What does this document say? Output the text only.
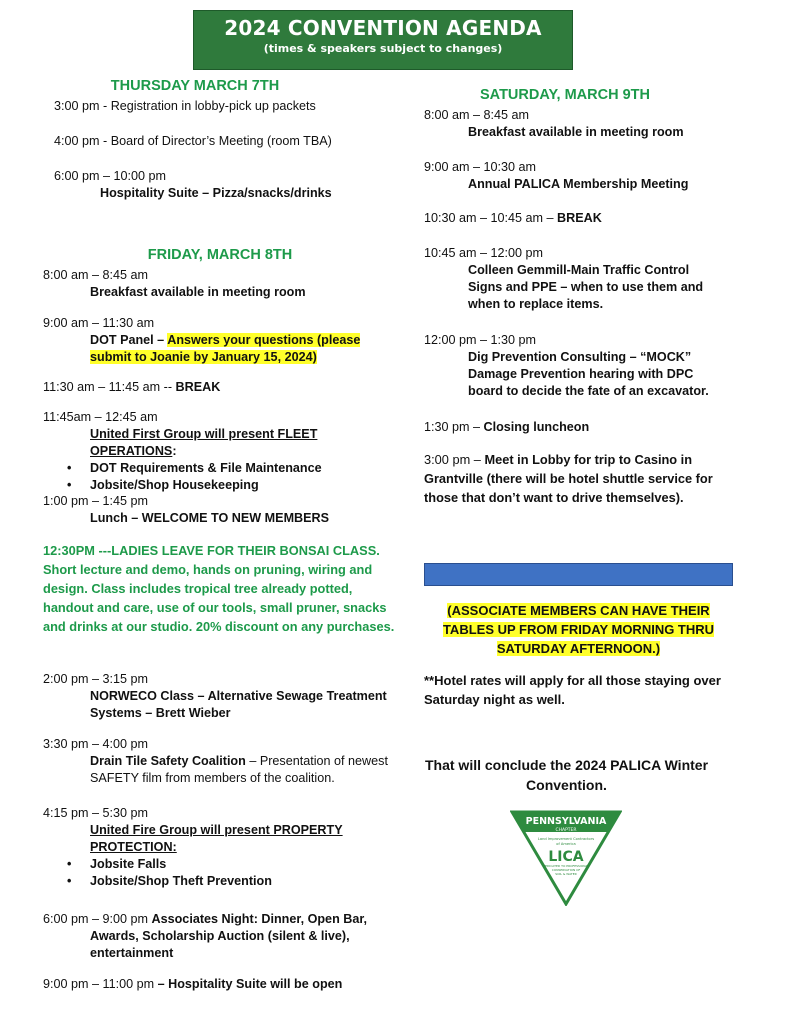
2024 CONVENTION AGENDA
(times & speakers subject to changes)
THURSDAY MARCH 7TH
3:00 pm - Registration in lobby-pick up packets
4:00 pm - Board of Director’s Meeting (room TBA)
6:00 pm – 10:00 pm
Hospitality Suite – Pizza/snacks/drinks
FRIDAY, MARCH 8TH
8:00 am – 8:45 am
Breakfast available in meeting room
9:00 am – 11:30 am
DOT Panel – Answers your questions (please submit to Joanie by January 15, 2024)
11:30 am – 11:45 am -- BREAK
11:45am – 12:45 am
United First Group will present FLEET OPERATIONS:
• DOT Requirements & File Maintenance
• Jobsite/Shop Housekeeping
1:00 pm – 1:45 pm
Lunch – WELCOME TO NEW MEMBERS
12:30PM ---LADIES LEAVE FOR THEIR BONSAI CLASS. Short lecture and demo, hands on pruning, wiring and design. Class includes tropical tree already potted, handout and care, use of our tools, small pruner, snacks and drinks at our studio. 20% discount on any purchases.
2:00 pm – 3:15 pm
NORWECO Class – Alternative Sewage Treatment Systems – Brett Wieber
3:30 pm – 4:00 pm
Drain Tile Safety Coalition – Presentation of newest SAFETY film from members of the coalition.
4:15 pm – 5:30 pm
United Fire Group will present PROPERTY PROTECTION:
• Jobsite Falls
• Jobsite/Shop Theft Prevention
6:00 pm – 9:00 pm Associates Night: Dinner, Open Bar, Awards, Scholarship Auction (silent & live), entertainment
9:00 pm – 11:00 pm – Hospitality Suite will be open
SATURDAY, MARCH 9TH
8:00 am – 8:45 am
Breakfast available in meeting room
9:00 am – 10:30 am
Annual PALICA Membership Meeting
10:30 am – 10:45 am – BREAK
10:45 am – 12:00 pm
Colleen Gemmill-Main Traffic Control Signs and PPE – when to use them and when to replace items.
12:00 pm – 1:30 pm
Dig Prevention Consulting – “MOCK” Damage Prevention hearing with DPC board to decide the fate of an excavator.
1:30 pm – Closing luncheon
3:00 pm – Meet in Lobby for trip to Casino in Grantville (there will be hotel shuttle service for those that don’t want to drive themselves).
(ASSOCIATE MEMBERS CAN HAVE THEIR TABLES UP FROM FRIDAY MORNING THRU SATURDAY AFTERNOON.)
**Hotel rates will apply for all those staying over Saturday night as well.
That will conclude the 2024 PALICA Winter Convention.
PENNSYLVANIA
CHAPTER
Land Improvement Contractors
of America
LICA
DEDICATED TO PROFESSIONAL
CONSERVATION OF
SOIL & WATER
